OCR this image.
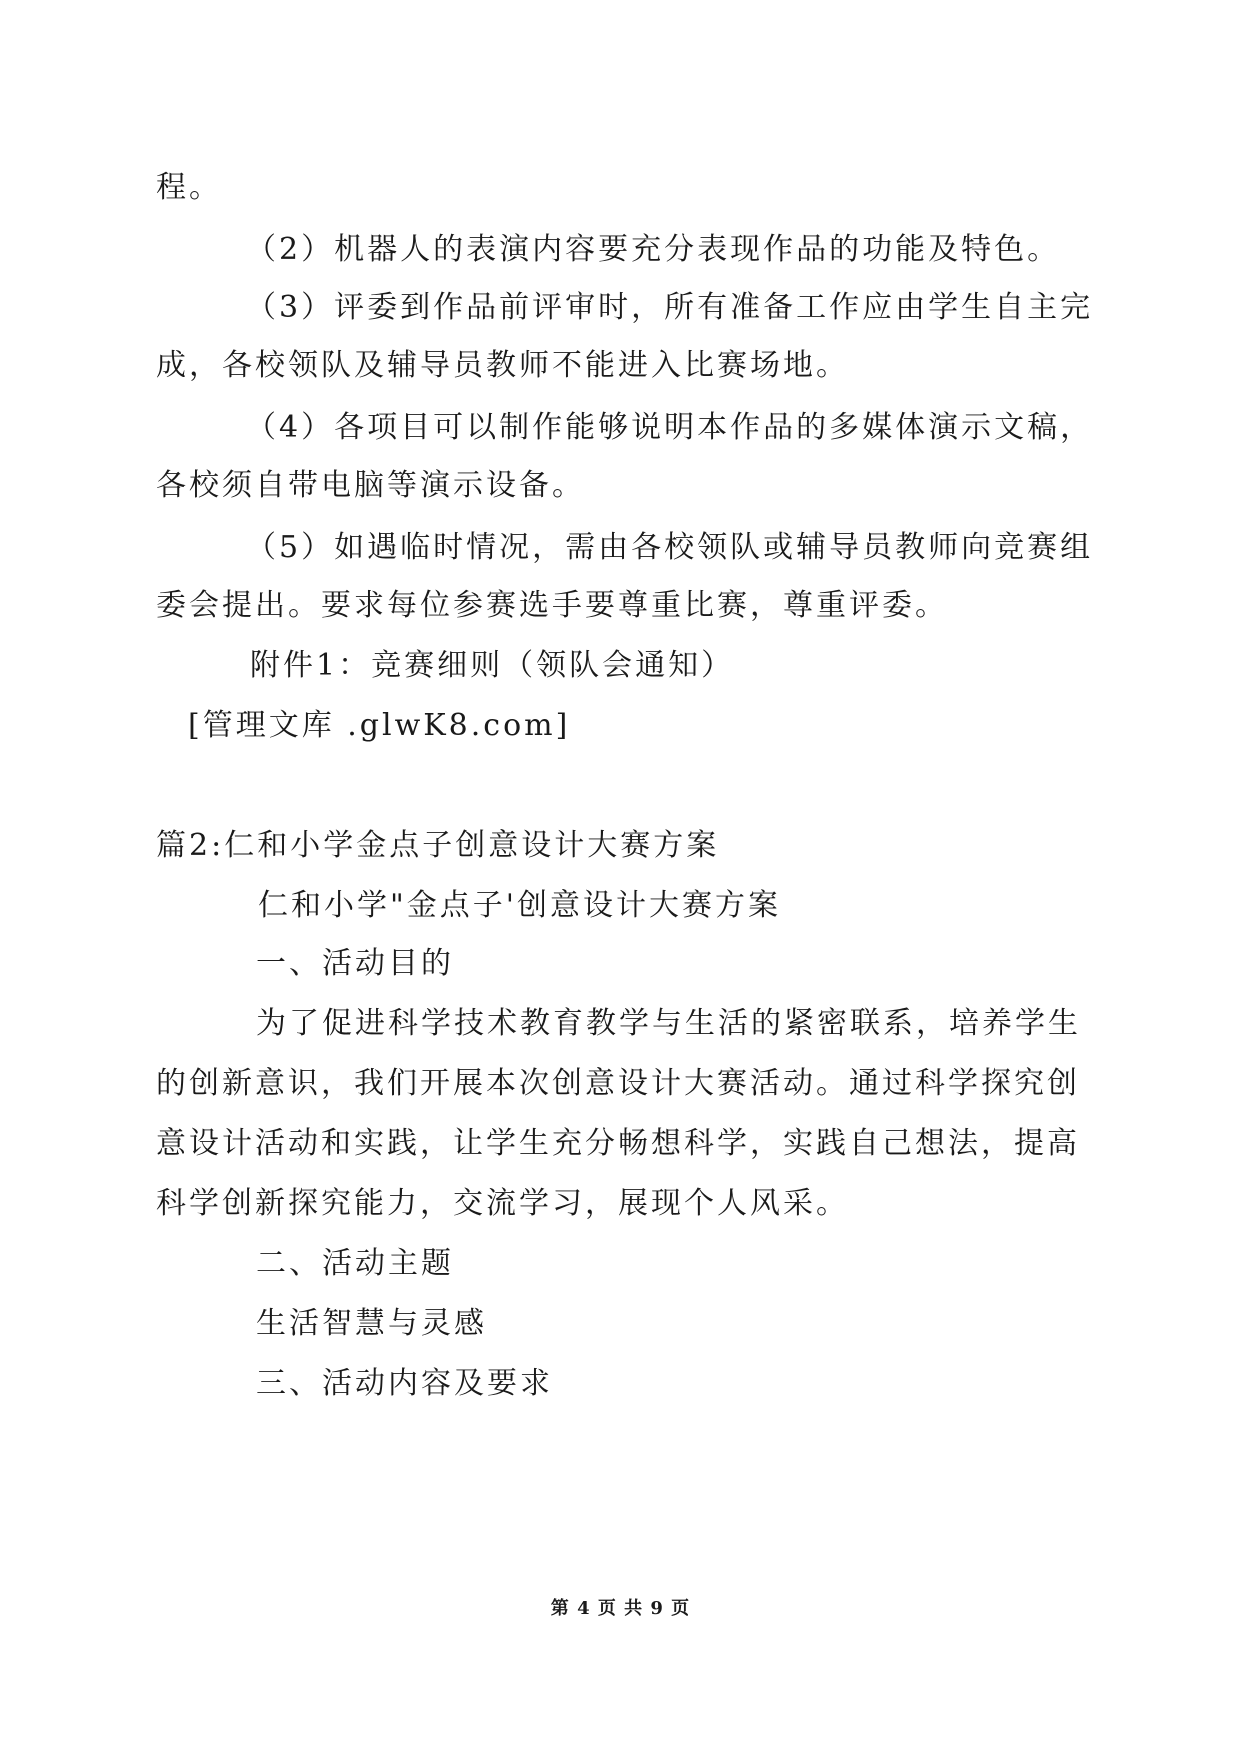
程。
（2）机器人的表演内容要充分表现作品的功能及特色。
（3）评委到作品前评审时，所有准备工作应由学生自主完
成，各校领队及辅导员教师不能进入比赛场地。
（4）各项目可以制作能够说明本作品的多媒体演示文稿，
各校须自带电脑等演示设备。
（5）如遇临时情况，需由各校领队或辅导员教师向竞赛组
委会提出。要求每位参赛选手要尊重比赛，尊重评委。
附件1：竞赛细则（领队会通知）
[管理文库 .glwK8.com]
篇2:仁和小学金点子创意设计大赛方案
仁和小学"金点子'创意设计大赛方案
一、活动目的
为了促进科学技术教育教学与生活的紧密联系，培养学生
的创新意识，我们开展本次创意设计大赛活动。通过科学探究创
意设计活动和实践，让学生充分畅想科学，实践自己想法，提高
科学创新探究能力，交流学习，展现个人风采。
二、活动主题
生活智慧与灵感
三、活动内容及要求
第 4 页 共 9 页
